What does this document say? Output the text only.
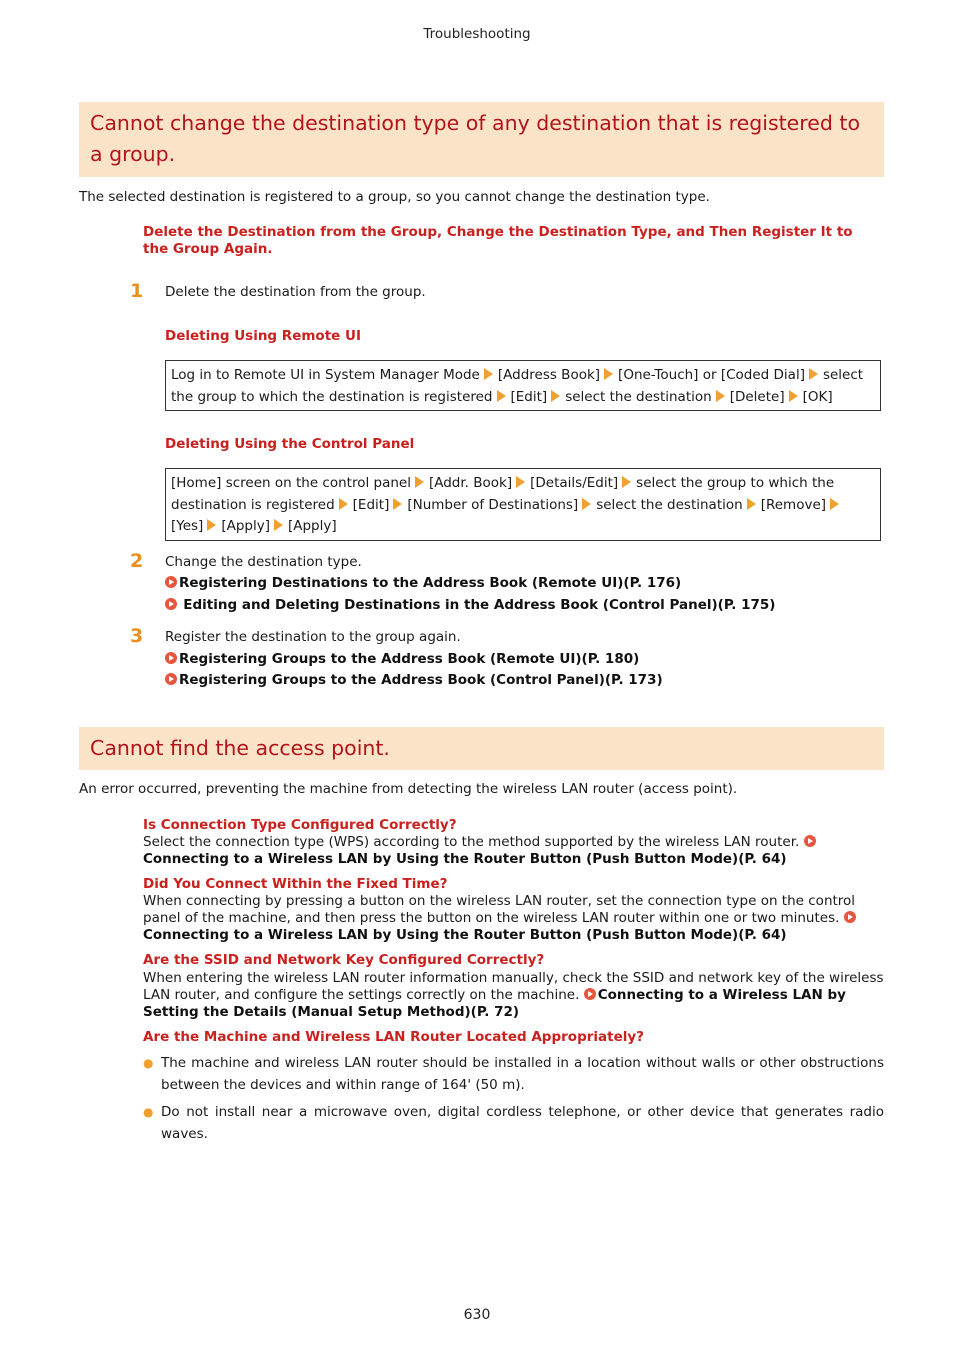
Troubleshooting
Cannot change the destination type of any destination that is registered to a group.
The selected destination is registered to a group, so you cannot change the destination type.
Delete the Destination from the Group, Change the Destination Type, and Then Register It to the Group Again.
1 Delete the destination from the group.
Deleting Using Remote UI
Log in to Remote UI in System Manager Mode [Address Book] [One-Touch] or [Coded Dial] select the group to which the destination is registered [Edit] select the destination [Delete] [OK]
Deleting Using the Control Panel
[Home] screen on the control panel [Addr. Book] [Details/Edit] select the group to which the destination is registered [Edit] [Number of Destinations] select the destination [Remove][Yes] [Apply] [Apply]
2 Change the destination type.
Registering Destinations to the Address Book (Remote UI)(P. 176)
Editing and Deleting Destinations in the Address Book (Control Panel)(P. 175)
3 Register the destination to the group again.
Registering Groups to the Address Book (Remote UI)(P. 180)
Registering Groups to the Address Book (Control Panel)(P. 173)
Cannot find the access point.
An error occurred, preventing the machine from detecting the wireless LAN router (access point).
Is Connection Type Configured Correctly?
Select the connection type (WPS) according to the method supported by the wireless LAN router.
Connecting to a Wireless LAN by Using the Router Button (Push Button Mode)(P. 64)
Did You Connect Within the Fixed Time?
When connecting by pressing a button on the wireless LAN router, set the connection type on the control panel of the machine, and then press the button on the wireless LAN router within one or two minutes.
Connecting to a Wireless LAN by Using the Router Button (Push Button Mode)(P. 64)
Are the SSID and Network Key Configured Correctly?
When entering the wireless LAN router information manually, check the SSID and network key of the wireless LAN router, and configure the settings correctly on the machine. Connecting to a Wireless LAN by Setting the Details (Manual Setup Method)(P. 72)
Are the Machine and Wireless LAN Router Located Appropriately?
● The machine and wireless LAN router should be installed in a location without walls or other obstructions between the devices and within range of 164' (50 m).
● Do not install near a microwave oven, digital cordless telephone, or other device that generates radio waves.
630
